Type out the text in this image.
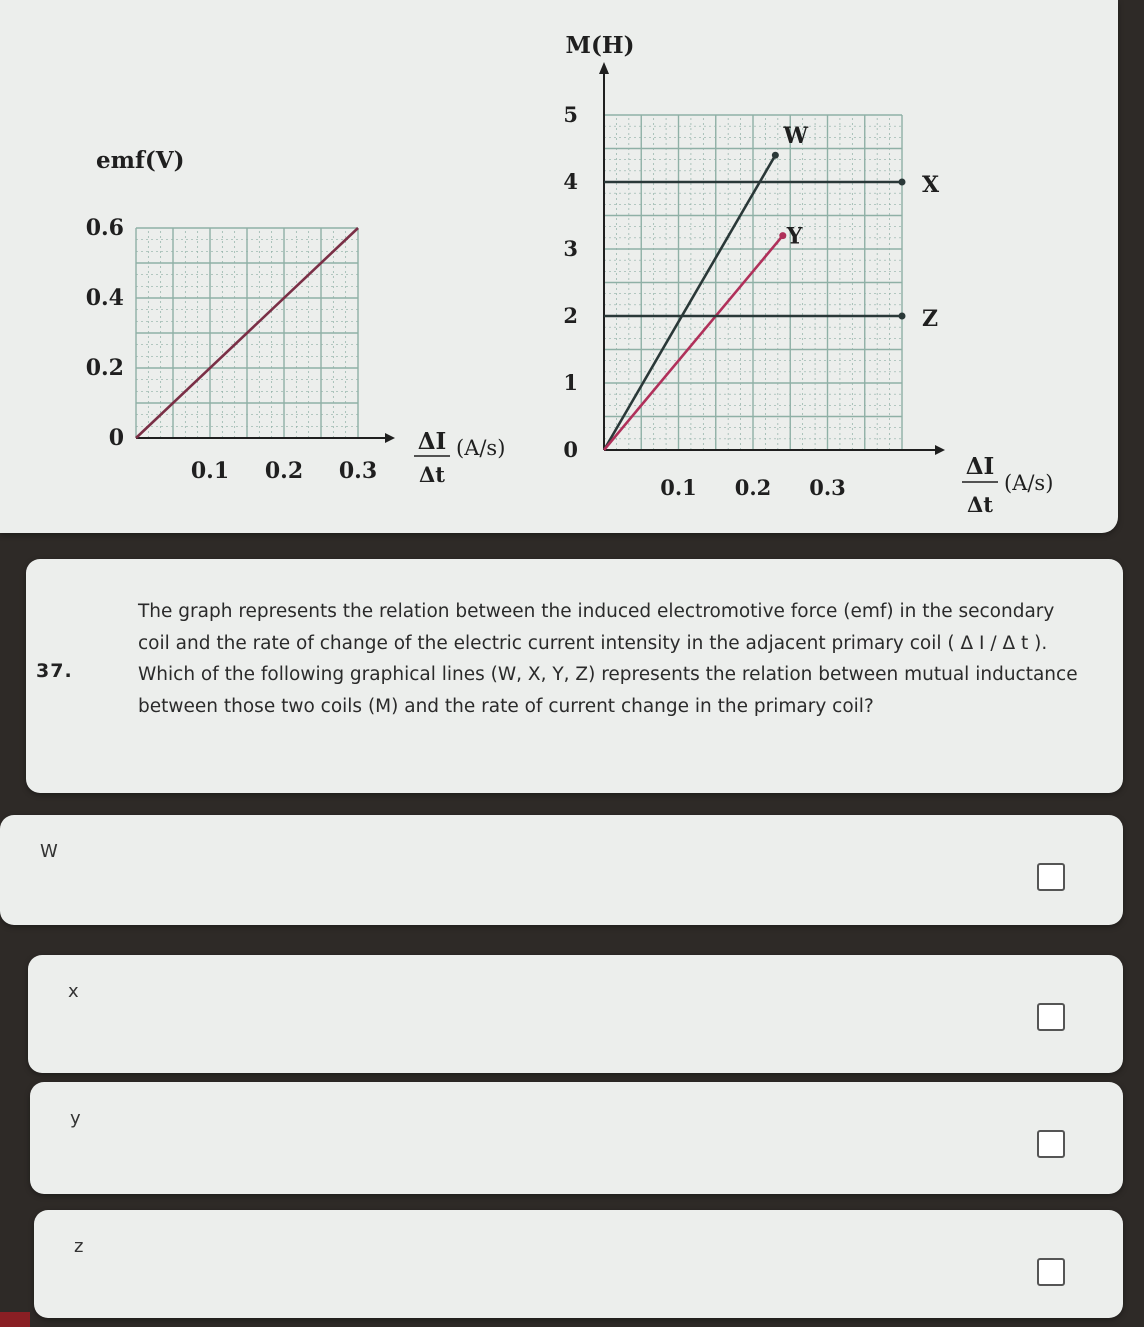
0
0.2
0.4
0.6
0.1 0.2 0.3
emf(V)
ΔI
Δt
(A/s)	0
1
2
3
4
5
0.1 0.2 0.3
M(H)
ΔI
Δt
(A/s)
W
X
Y
Z
37.
The graph represents the relation between the induced electromotive force (emf) in the secondary coil and the rate of change of the electric current intensity in the adjacent primary coil ( Δ I / Δ t ). Which of the following graphical lines (W, X, Y, Z) represents the relation between mutual inductance between those two coils (M) and the rate of current change in the primary coil?
W
x
y
z
